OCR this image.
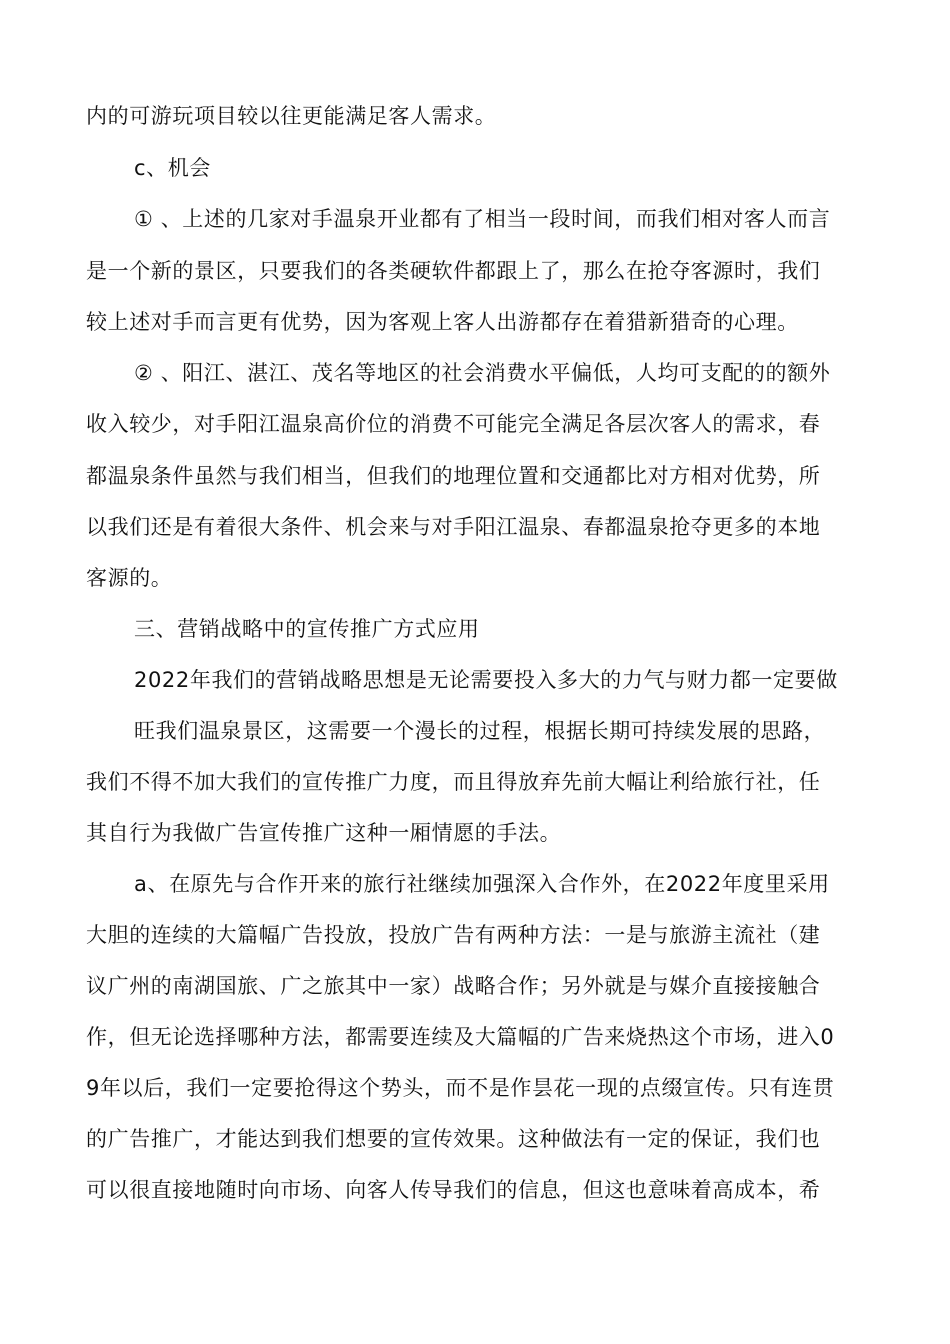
内的可游玩项目较以往更能满足客人需求。
c、机会
① 、上述的几家对手温泉开业都有了相当一段时间，而我们相对客人而言
是一个新的景区，只要我们的各类硬软件都跟上了，那么在抢夺客源时，我们
较上述对手而言更有优势，因为客观上客人出游都存在着猎新猎奇的心理。
② 、阳江、湛江、茂名等地区的社会消费水平偏低，人均可支配的的额外
收入较少，对手阳江温泉高价位的消费不可能完全满足各层次客人的需求，春
都温泉条件虽然与我们相当，但我们的地理位置和交通都比对方相对优势，所
以我们还是有着很大条件、机会来与对手阳江温泉、春都温泉抢夺更多的本地
客源的。
三、营销战略中的宣传推广方式应用
2022年我们的营销战略思想是无论需要投入多大的力气与财力都一定要做
旺我们温泉景区，这需要一个漫长的过程，根据长期可持续发展的思路，
我们不得不加大我们的宣传推广力度，而且得放弃先前大幅让利给旅行社，任
其自行为我做广告宣传推广这种一厢情愿的手法。
a、在原先与合作开来的旅行社继续加强深入合作外，在2022年度里采用
大胆的连续的大篇幅广告投放，投放广告有两种方法：一是与旅游主流社（建
议广州的南湖国旅、广之旅其中一家）战略合作；另外就是与媒介直接接触合
作，但无论选择哪种方法，都需要连续及大篇幅的广告来烧热这个市场，进入0
9年以后，我们一定要抢得这个势头，而不是作昙花一现的点缀宣传。只有连贯
的广告推广，才能达到我们想要的宣传效果。这种做法有一定的保证，我们也
可以很直接地随时向市场、向客人传导我们的信息，但这也意味着高成本，希
